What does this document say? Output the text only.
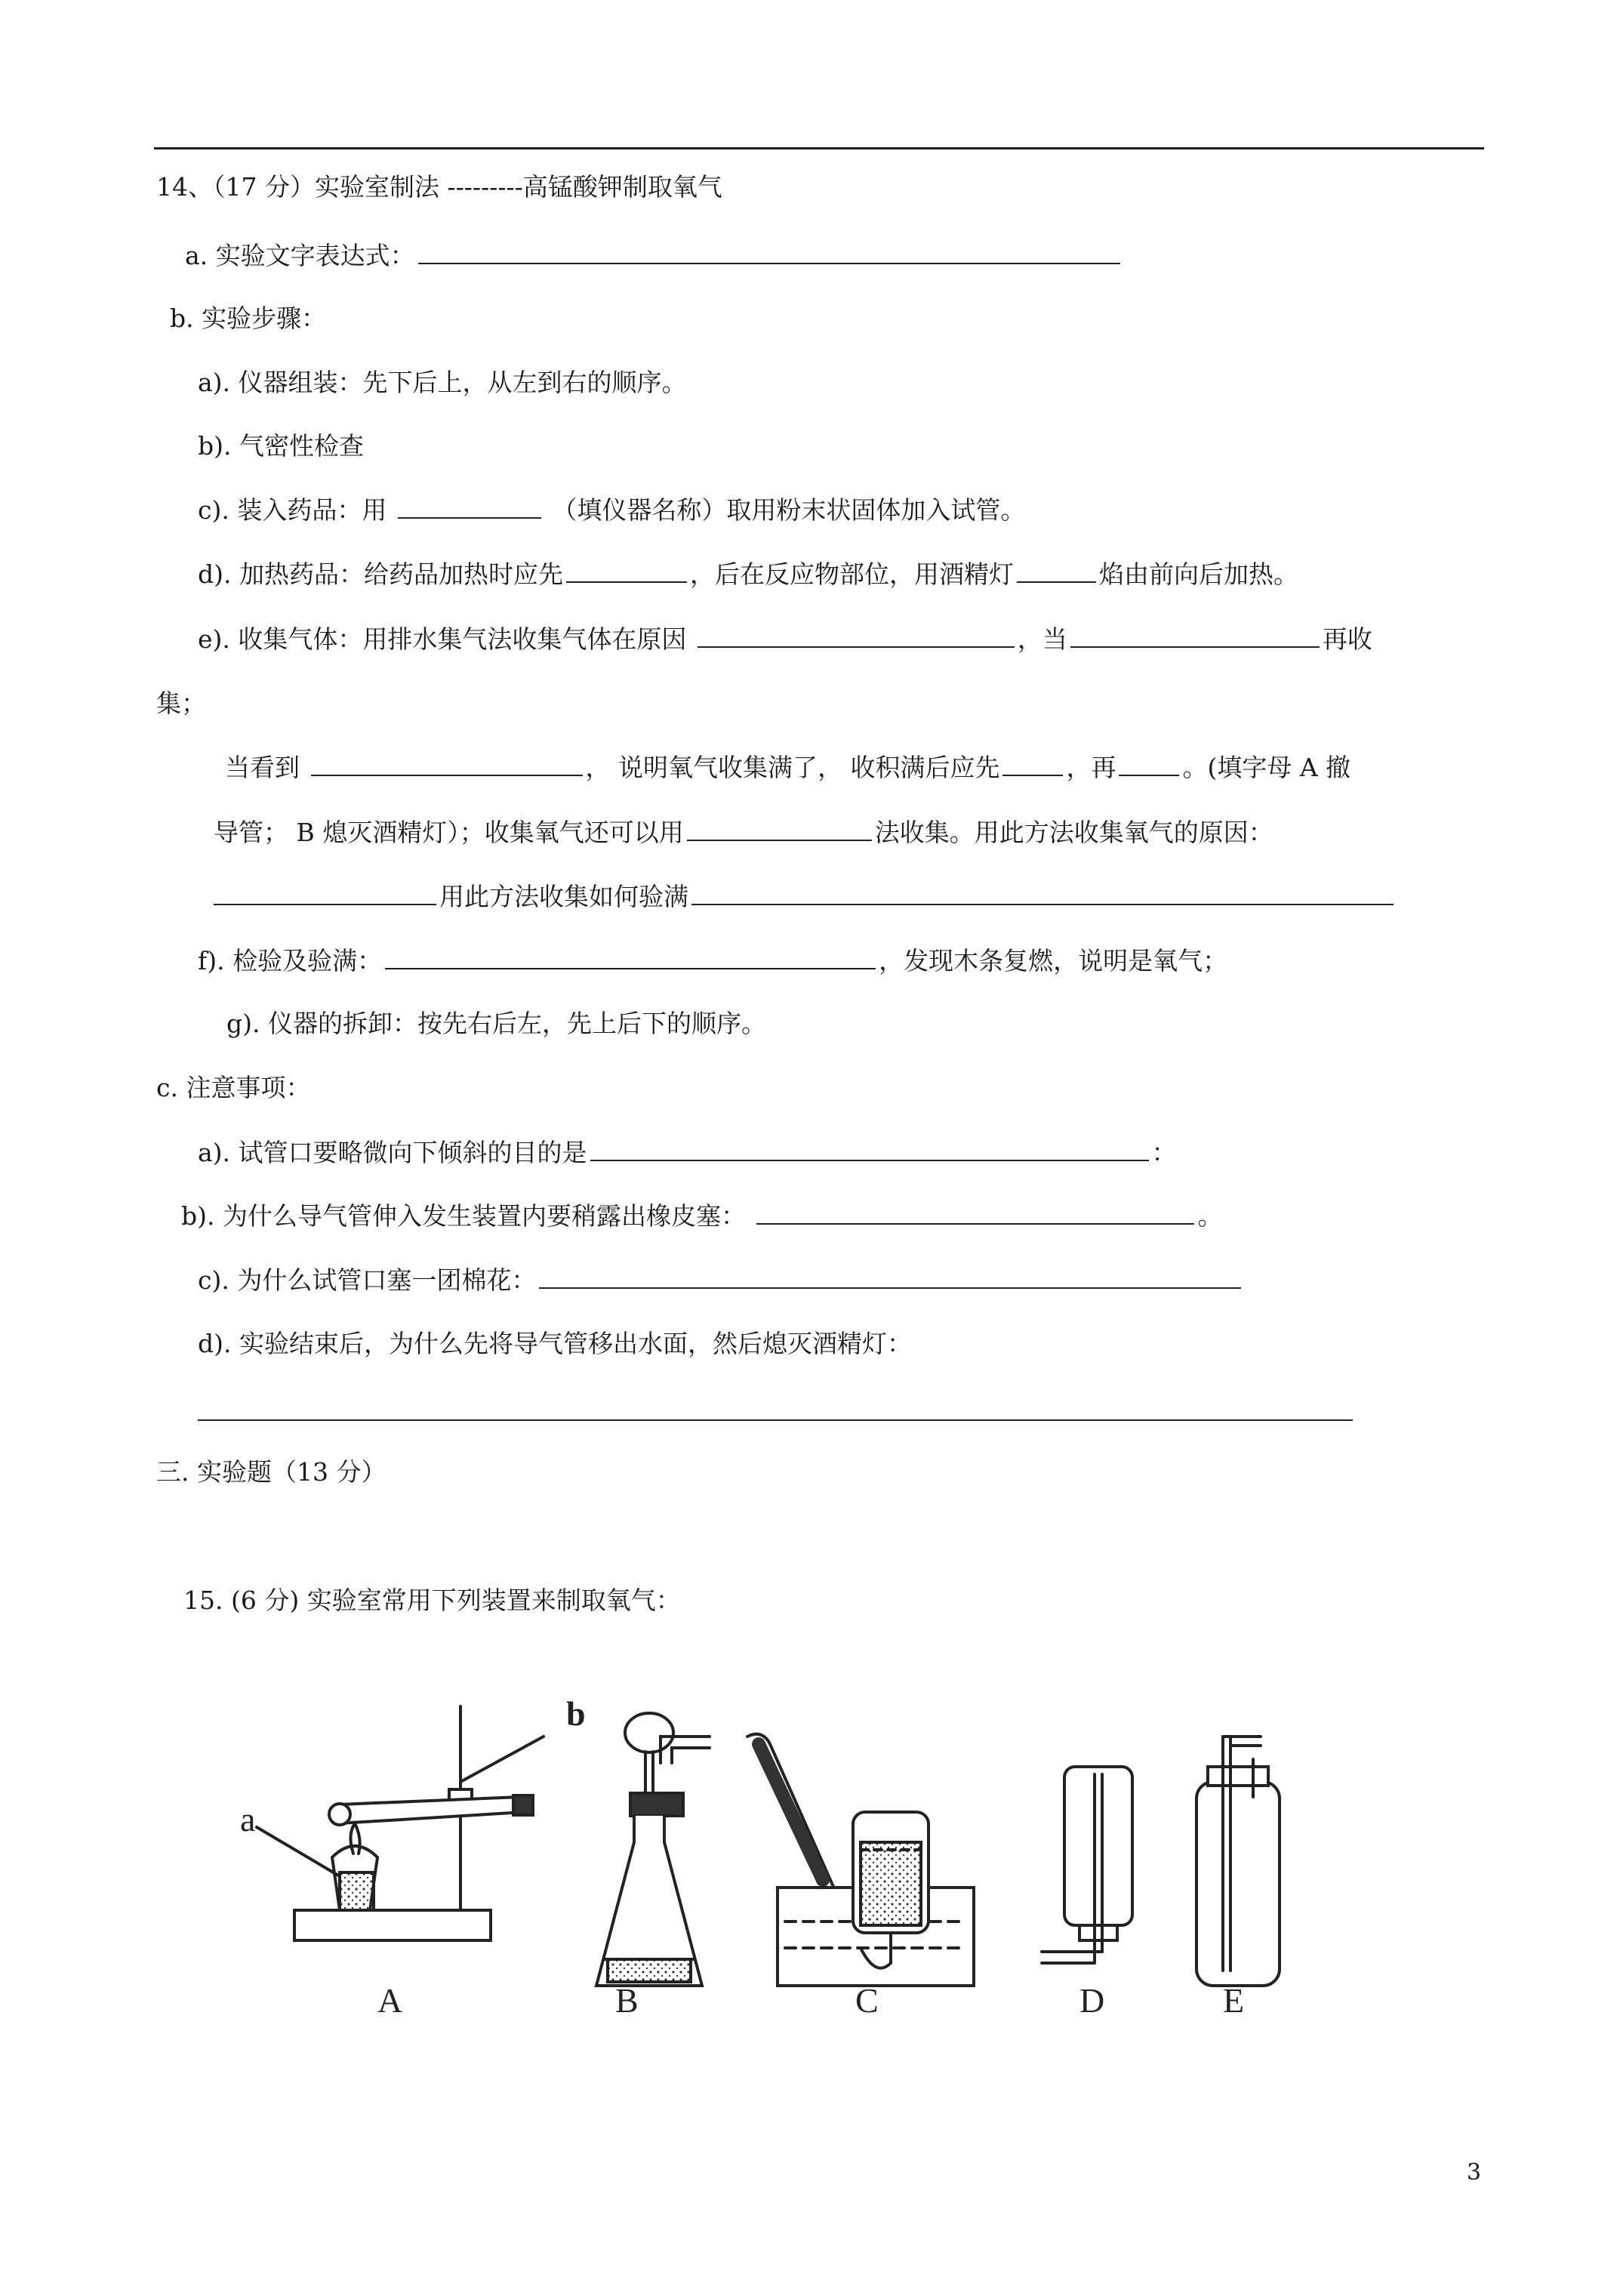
14、（17 分）实验室制法 ---------高锰酸钾制取氧气
a. 实验文字表达式：
b. 实验步骤：
a). 仪器组装：先下后上，从左到右的顺序。
b). 气密性检查
c). 装入药品：用	（填仪器名称）取用粉末状固体加入试管。
d). 加热药品：给药品加热时应先	，后在反应物部位，用酒精灯	焰由前向后加热。
e). 收集气体：用排水集气法收集气体在原因	，当	再收
集；
当看到	， 说明氧气收集满了， 收积满后应先	，再	。(填字母 A 撤
导管； B 熄灭酒精灯）；收集氧气还可以用	法收集。用此方法收集氧气的原因：
用此方法收集如何验满
f). 检验及验满：	，发现木条复燃，说明是氧气；
g). 仪器的拆卸：按先右后左，先上后下的顺序。
c. 注意事项：
a). 试管口要略微向下倾斜的目的是	：
b). 为什么导气管伸入发生装置内要稍露出橡皮塞：	。
c). 为什么试管口塞一团棉花：
d). 实验结束后，为什么先将导气管移出水面，然后熄灭酒精灯：
三. 实验题（13 分）
15. (6 分) 实验室常用下列装置来制取氧气：
a
b
A	B	C	D	E
3
